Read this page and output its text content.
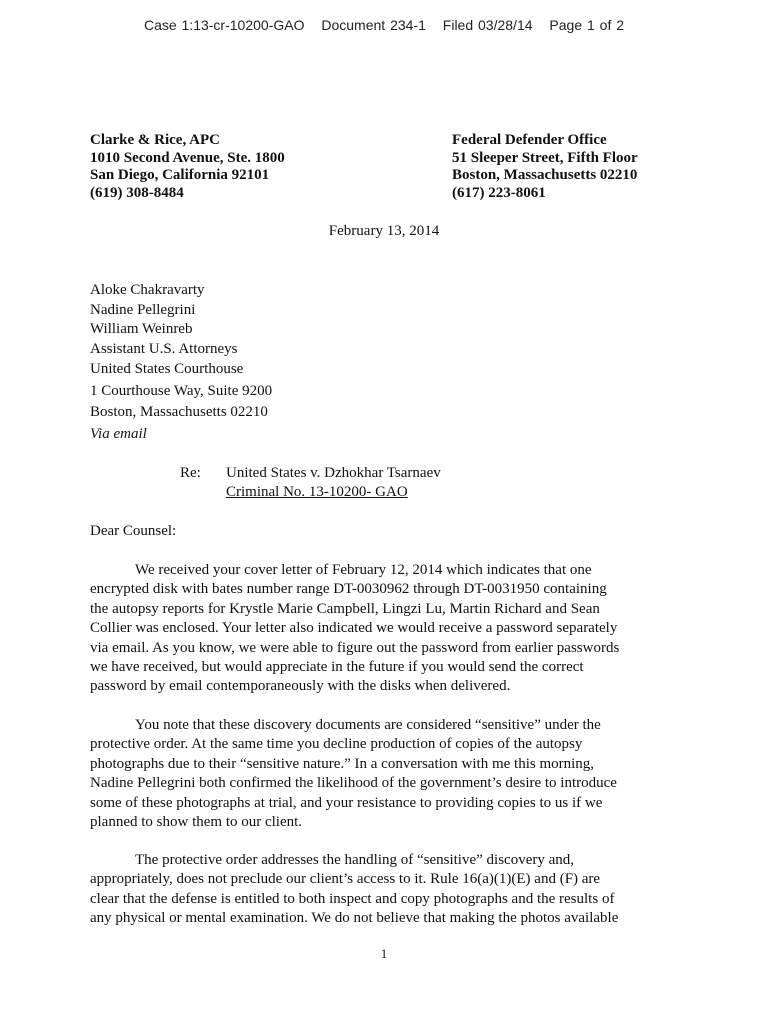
Case 1:13-cr-10200-GAO Document 234-1 Filed 03/28/14 Page 1 of 2
Clarke & Rice, APC
1010 Second Avenue, Ste. 1800
San Diego, California 92101
(619) 308-8484
Federal Defender Office
51 Sleeper Street, Fifth Floor
Boston, Massachusetts 02210
(617) 223-8061
February 13, 2014
Aloke Chakravarty
Nadine Pellegrini
William Weinreb
Assistant U.S. Attorneys
United States Courthouse
1 Courthouse Way, Suite 9200
Boston, Massachusetts 02210
Via email
Re:	United States v. Dzhokhar Tsarnaev
Criminal No. 13-10200- GAO
Dear Counsel:
We received your cover letter of February 12, 2014 which indicates that one
encrypted disk with bates number range DT-0030962 through DT-0031950 containing
the autopsy reports for Krystle Marie Campbell, Lingzi Lu, Martin Richard and Sean
Collier was enclosed. Your letter also indicated we would receive a password separately
via email. As you know, we were able to figure out the password from earlier passwords
we have received, but would appreciate in the future if you would send the correct
password by email contemporaneously with the disks when delivered.
You note that these discovery documents are considered “sensitive” under the
protective order. At the same time you decline production of copies of the autopsy
photographs due to their “sensitive nature.” In a conversation with me this morning,
Nadine Pellegrini both confirmed the likelihood of the government’s desire to introduce
some of these photographs at trial, and your resistance to providing copies to us if we
planned to show them to our client.
The protective order addresses the handling of “sensitive” discovery and,
appropriately, does not preclude our client’s access to it. Rule 16(a)(1)(E) and (F) are
clear that the defense is entitled to both inspect and copy photographs and the results of
any physical or mental examination. We do not believe that making the photos available
1
